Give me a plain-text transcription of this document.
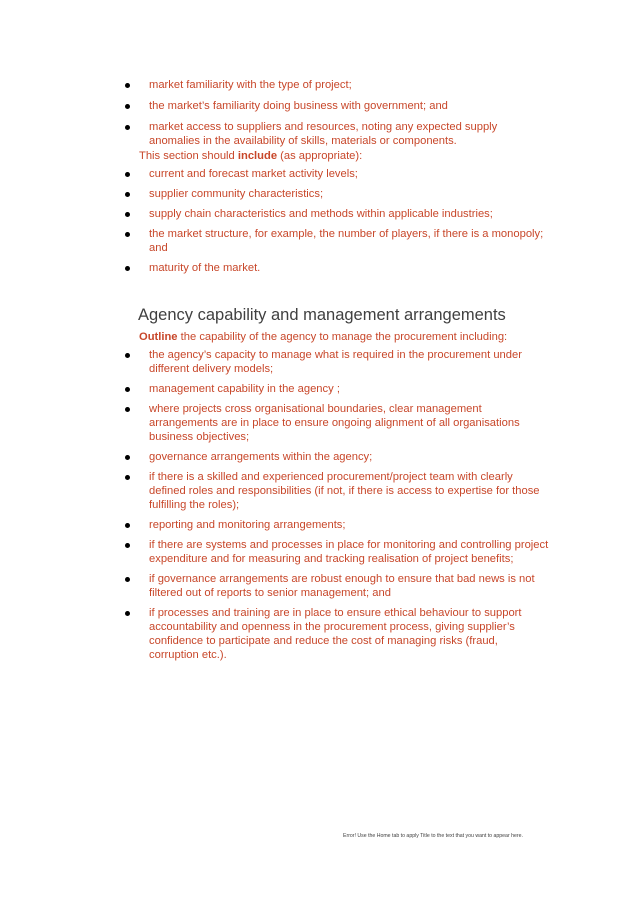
market familiarity with the type of project;
the market’s familiarity doing business with government; and
market access to suppliers and resources, noting any expected supply anomalies in the availability of skills, materials or components.
This section should include (as appropriate):
current and forecast market activity levels;
supplier community characteristics;
supply chain characteristics and methods within applicable industries;
the market structure, for example, the number of players, if there is a monopoly; and
maturity of the market.
Agency capability and management arrangements
Outline the capability of the agency to manage the procurement including:
the agency’s capacity to manage what is required in the procurement under different delivery models;
management capability in the agency ;
where projects cross organisational boundaries, clear management arrangements are in place to ensure ongoing alignment of all organisations business objectives;
governance arrangements within the agency;
if there is a skilled and experienced procurement/project team with clearly defined roles and responsibilities (if not, if there is access to expertise for those fulfilling the roles);
reporting and monitoring arrangements;
if there are systems and processes in place for monitoring and controlling project expenditure and for measuring and tracking realisation of project benefits;
if governance arrangements are robust enough to ensure that bad news is not filtered out of reports to senior management; and
if processes and training are in place to ensure ethical behaviour to support accountability and openness in the procurement process, giving supplier’s confidence to participate and reduce the cost of managing risks (fraud, corruption etc.).
Error! Use the Home tab to apply Title to the text that you want to appear here.
